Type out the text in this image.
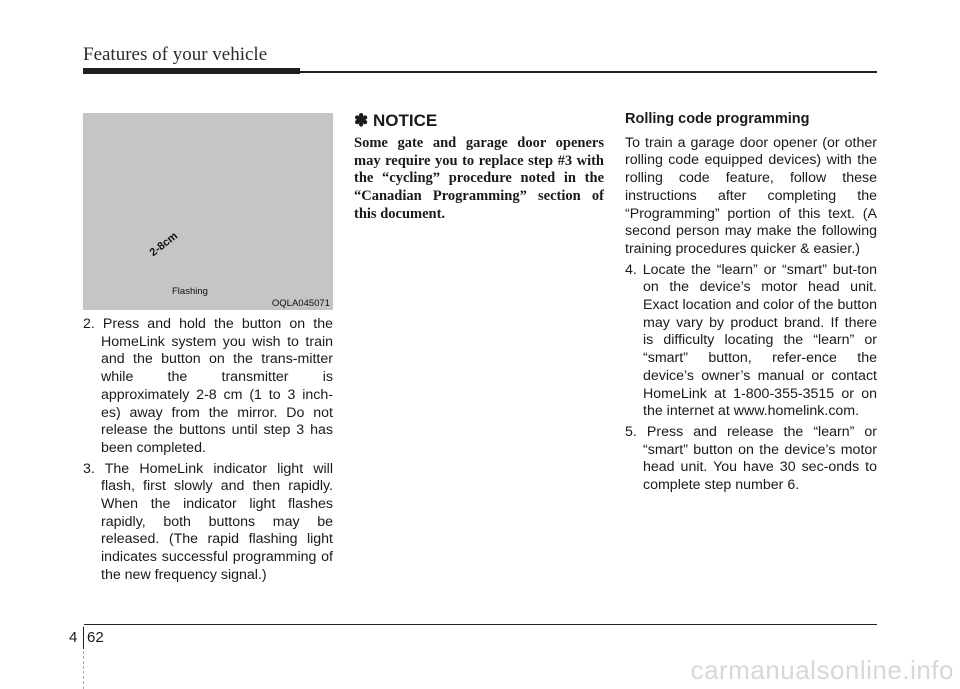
Features of your vehicle
2-8cm
Flashing
OQLA045071

2. Press and hold the button on the HomeLink system you wish to train and the button on the trans-mitter while the transmitter is approximately 2-8 cm (1 to 3 inch-es) away from the mirror. Do not release the buttons until step 3 has been completed.

3. The HomeLink indicator light will flash, first slowly and then rapidly. When the indicator light flashes rapidly, both buttons may be released. (The rapid flashing light indicates successful programming of the new frequency signal.)

✽ NOTICE
Some gate and garage door openers may require you to replace step #3 with the “cycling” procedure noted in the “Canadian Programming” section of this document.
Rolling code programming

To train a garage door opener (or other rolling code equipped devices) with the rolling code feature, follow these instructions after completing the “Programming” portion of this text. (A second person may make the following training procedures quicker & easier.)

4. Locate the “learn” or “smart” but-ton on the device’s motor head unit. Exact location and color of the button may vary by product brand. If there is difficulty locating the “learn” or “smart” button, refer-ence the device’s owner’s manual or contact HomeLink at 1-800-355-3515 or on the internet at www.homelink.com.

5. Press and release the “learn” or “smart” button on the device’s motor head unit. You have 30 sec-onds to complete step number 6.

4 62
carmanualsonline.info
